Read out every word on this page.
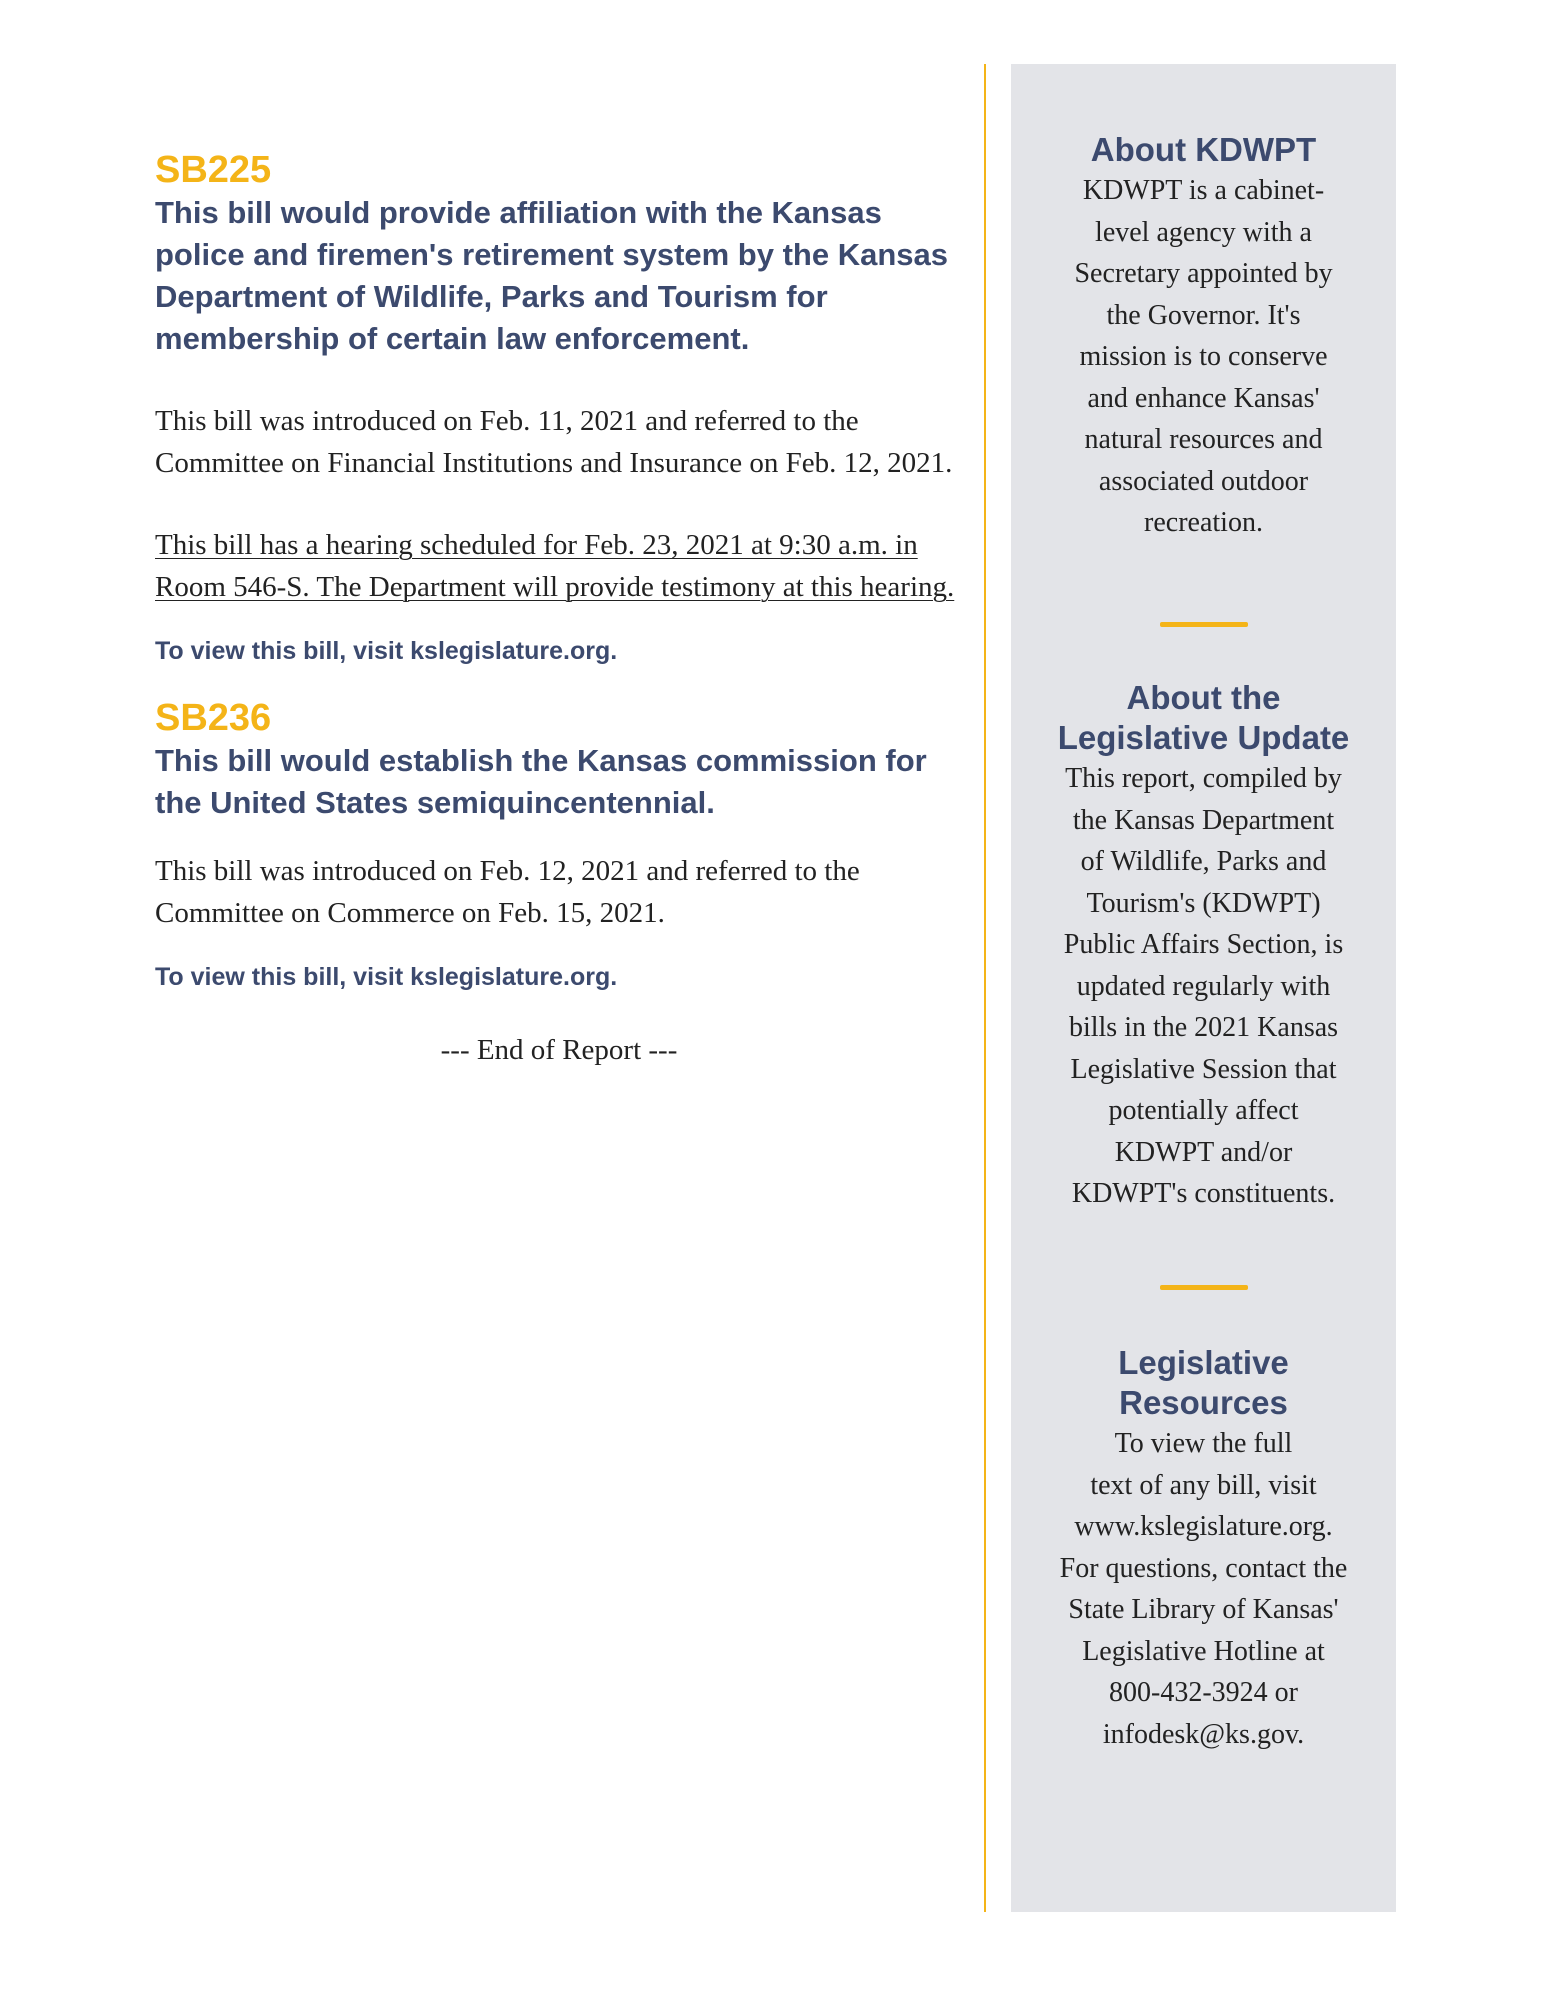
SB225
This bill would provide affiliation with the Kansas police and firemen's retirement system by the Kansas Department of Wildlife, Parks and Tourism for membership of certain law enforcement.

This bill was introduced on Feb. 11, 2021 and referred to the Committee on Financial Institutions and Insurance on Feb. 12, 2021.

This bill has a hearing scheduled for Feb. 23, 2021 at 9:30 a.m. in Room 546-S. The Department will provide testimony at this hearing.

To view this bill, visit kslegislature.org.

SB236
This bill would establish the Kansas commission for the United States semiquincentennial.

This bill was introduced on Feb. 12, 2021 and referred to the Committee on Commerce on Feb. 15, 2021.

To view this bill, visit kslegislature.org.

--- End of Report ---

About KDWPT

KDWPT is a cabinet-
level agency with a
Secretary appointed by
the Governor. It's
mission is to conserve
and enhance Kansas'
natural resources and
associated outdoor
recreation.

About the
Legislative Update

This report, compiled by
the Kansas Department
of Wildlife, Parks and
Tourism's (KDWPT)
Public Affairs Section, is
updated regularly with
bills in the 2021 Kansas
Legislative Session that
potentially affect
KDWPT and/or
KDWPT's constituents.

Legislative
Resources

To view the full
text of any bill, visit
www.kslegislature.org.

For questions, contact the
State Library of Kansas'
Legislative Hotline at
800-432-3924 or
infodesk@ks.gov.
